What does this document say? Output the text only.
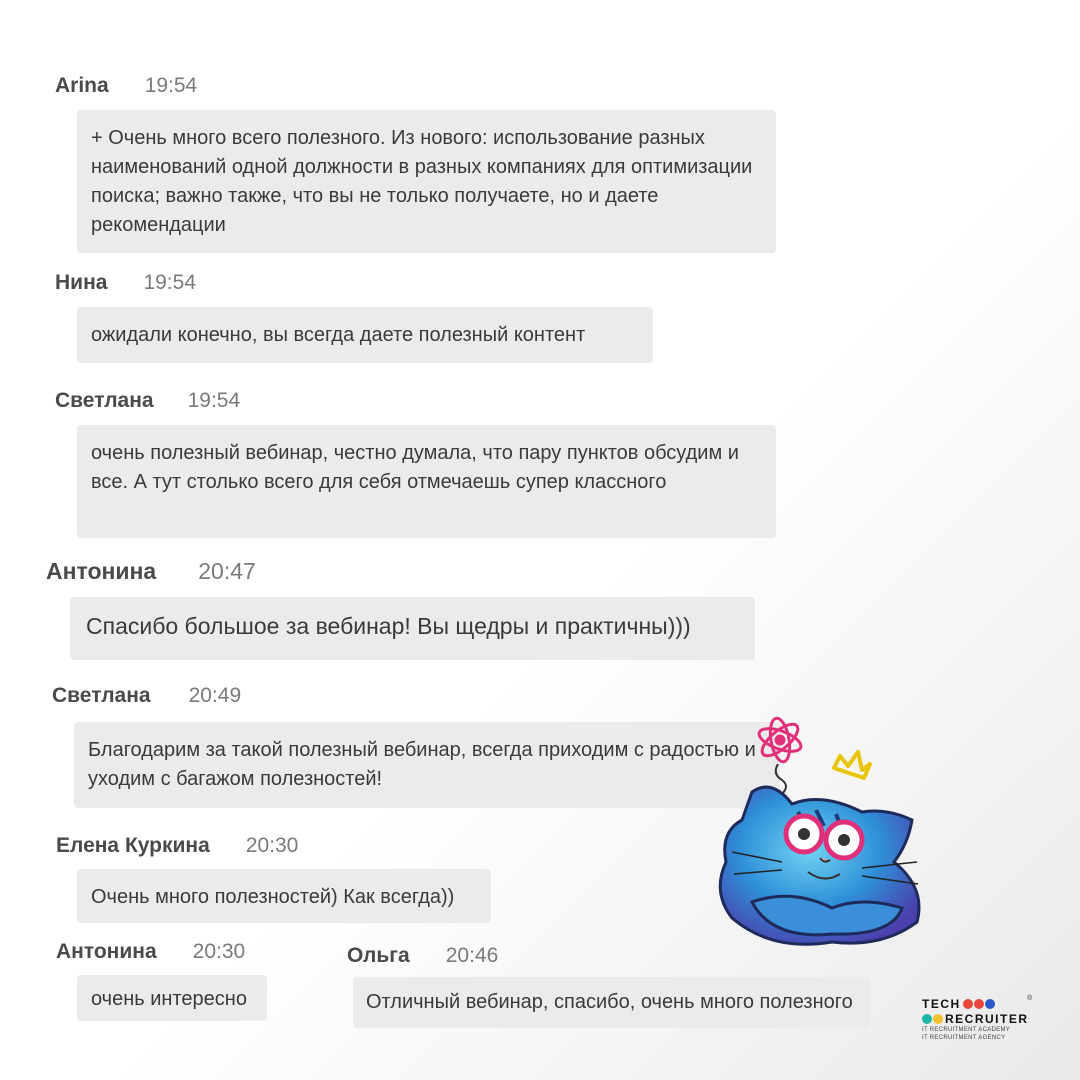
Arina 19:54
+ Очень много всего полезного. Из нового: использование разных наименований одной должности в разных компаниях для оптимизации поиска; важно также, что вы не только получаете, но и даете рекомендации
Нина 19:54
ожидали конечно, вы всегда даете полезный контент
Светлана 19:54
очень полезный вебинар, честно думала, что пару пунктов обсудим и все. А тут столько всего для себя отмечаешь супер классного
Антонина 20:47
Спасибо большое за вебинар! Вы щедры и практичны)))
Светлана 20:49
Благодарим за такой полезный вебинар, всегда приходим с радостью и уходим с багажом полезностей!
Елена Куркина 20:30
Очень много полезностей) Как всегда))
Антонина 20:30
очень интересно
Ольга 20:46
Отличный вебинар, спасибо, очень много полезного	TECH
RECRUITER
IT RECRUITMENT ACADEMY
IT RECRUITMENT AGENCY
®
